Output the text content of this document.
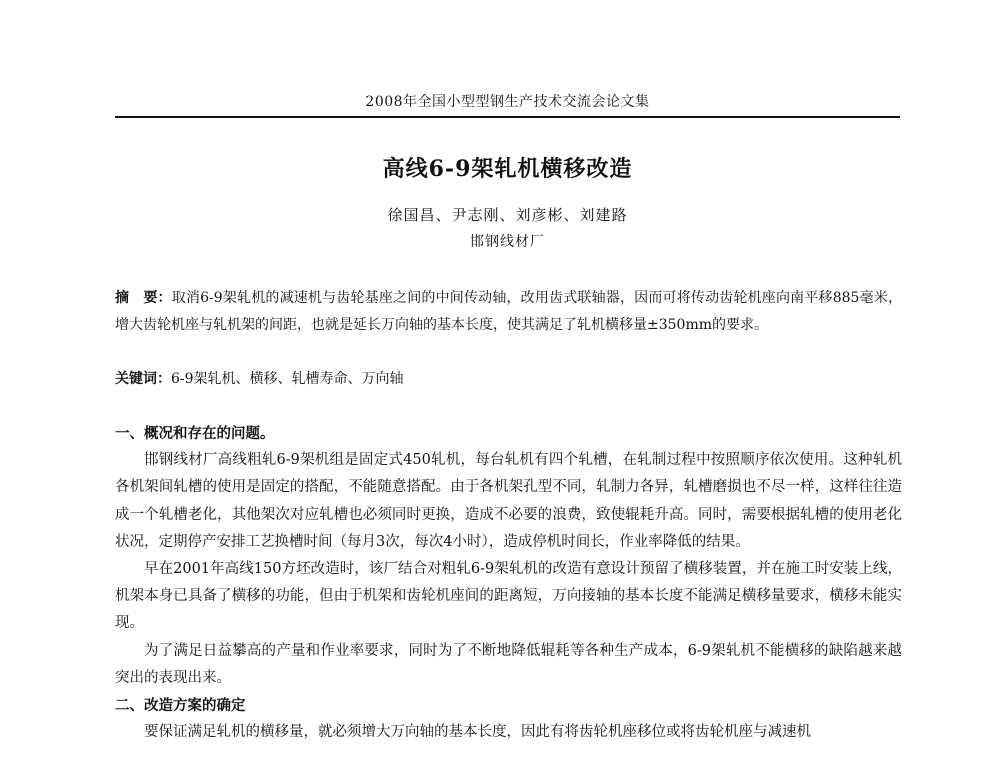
2008年全国小型型钢生产技术交流会论文集
高线6-9架轧机横移改造
徐国昌、尹志刚、刘彦彬、刘建路
邯钢线材厂
摘　要：取消6-9架轧机的减速机与齿轮基座之间的中间传动轴，改用齿式联轴器，因而可将传动齿轮机座向南平移885毫米，增大齿轮机座与轧机架的间距，也就是延长万向轴的基本长度，使其满足了轧机横移量±350mm的要求。
关键词：6-9架轧机、横移、轧槽寿命、万向轴

一、概况和存在的问题。

邯钢线材厂高线粗轧6-9架机组是固定式450轧机，每台轧机有四个轧槽，在轧制过程中按照顺序依次使用。这种轧机各机架间轧槽的使用是固定的搭配，不能随意搭配。由于各机架孔型不同，轧制力各异，轧槽磨损也不尽一样，这样往往造成一个轧槽老化，其他架次对应轧槽也必须同时更换，造成不必要的浪费，致使辊耗升高。同时，需要根据轧槽的使用老化状况，定期停产安排工艺换槽时间（每月3次，每次4小时），造成停机时间长，作业率降低的结果。

早在2001年高线150方坯改造时，该厂结合对粗轧6-9架轧机的改造有意设计预留了横移装置，并在施工时安装上线，机架本身已具备了横移的功能，但由于机架和齿轮机座间的距离短，万向接轴的基本长度不能满足横移量要求，横移未能实现。

为了满足日益攀高的产量和作业率要求，同时为了不断地降低辊耗等各种生产成本，6-9架轧机不能横移的缺陷越来越突出的表现出来。

二、改造方案的确定

要保证满足轧机的横移量，就必须增大万向轴的基本长度，因此有将齿轮机座移位或将齿轮机座与减速机
